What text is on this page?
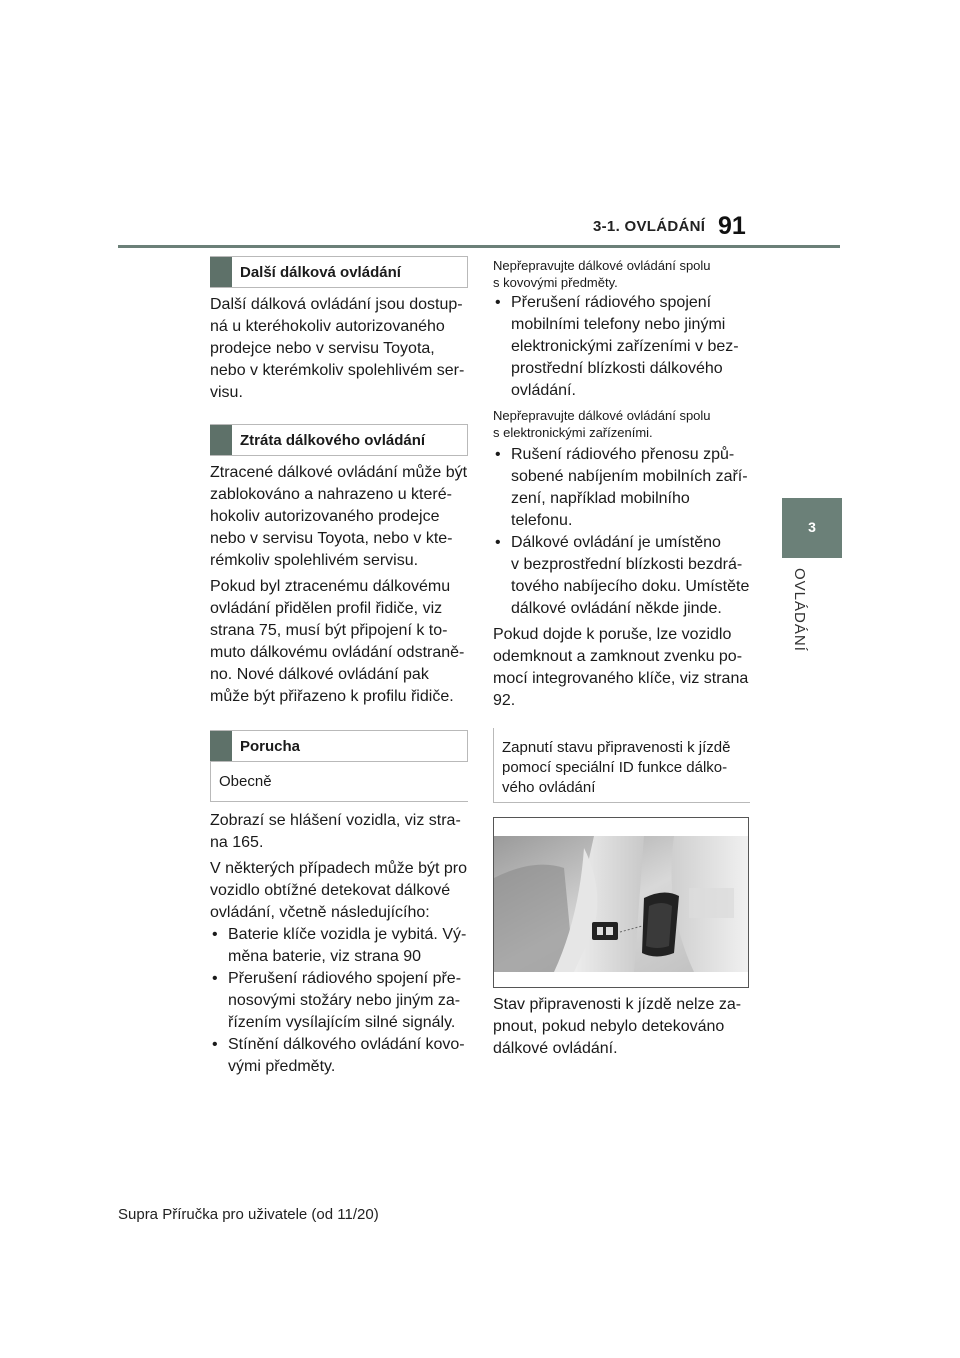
3-1. OVLÁDÁNÍ 91
3
OVLÁDÁNÍ
Další dálková ovládání
Další dálková ovládání jsou dostup-
ná u kteréhokoliv autorizovaného
prodejce nebo v servisu Toyota,
nebo v kterémkoliv spolehlivém ser-
visu.
Ztráta dálkového ovládání
Ztracené dálkové ovládání může být
zablokováno a nahrazeno u které-
hokoliv autorizovaného prodejce
nebo v servisu Toyota, nebo v kte-
rémkoliv spolehlivém servisu.
Pokud byl ztracenému dálkovému
ovládání přidělen profil řidiče, viz
strana 75, musí být připojení k to-
muto dálkovému ovládání odstraně-
no. Nové dálkové ovládání pak
může být přiřazeno k profilu řidiče.
Porucha
Obecně
Zobrazí se hlášení vozidla, viz stra-
na 165.
V některých případech může být pro
vozidlo obtížné detekovat dálkové
ovládání, včetně následujícího:
• Baterie klíče vozidla je vybitá. Vý-
měna baterie, viz strana 90
• Přerušení rádiového spojení pře-
nosovými stožáry nebo jiným za-
řízením vysílajícím silné signály.
• Stínění dálkového ovládání kovo-
vými předměty.
Nepřepravujte dálkové ovládání spolu
s kovovými předměty.
• Přerušení rádiového spojení
mobilními telefony nebo jinými
elektronickými zařízeními v bez-
prostřední blízkosti dálkového
ovládání.
Nepřepravujte dálkové ovládání spolu
s elektronickými zařízeními.
• Rušení rádiového přenosu způ-
sobené nabíjením mobilních zaří-
zení, například mobilního
telefonu.
• Dálkové ovládání je umístěno
v bezprostřední blízkosti bezdrá-
tového nabíjecího doku. Umístěte
dálkové ovládání někde jinde.
Pokud dojde k poruše, lze vozidlo
odemknout a zamknout zvenku po-
mocí integrovaného klíče, viz strana
92.
Zapnutí stavu připravenosti k jízdě
pomocí speciální ID funkce dálko-
vého ovládání
Stav připravenosti k jízdě nelze za-
pnout, pokud nebylo detekováno
dálkové ovládání.
Supra Příručka pro uživatele (od 11/20)
